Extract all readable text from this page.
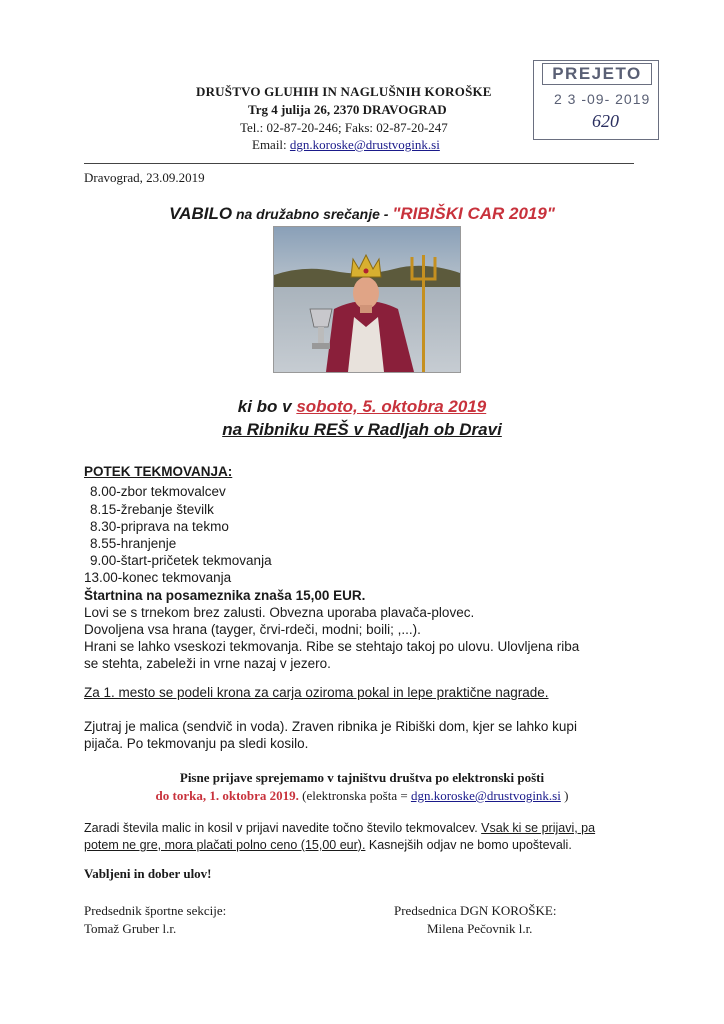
DRUŠTVO GLUHIH IN NAGLUŠNIH KOROŠKE
Trg 4 julija 26, 2370 DRAVOGRAD
Tel.: 02-87-20-246; Faks: 02-87-20-247
Email: dgn.koroske@drustvogink.si
PREJETO
2 3 -09- 2019
620
Dravograd, 23.09.2019
VABILO na družabno srečanje - "RIBIŠKI CAR 2019"
ki bo v soboto, 5. oktobra 2019
na Ribniku REŠ v Radljah ob Dravi
POTEK TEKMOVANJA:
8.00-zbor tekmovalcev
8.15-žrebanje številk
8.30-priprava na tekmo
8.55-hranjenje
9.00-štart-pričetek tekmovanja
13.00-konec tekmovanja
Štartnina na posameznika znaša 15,00 EUR.
Lovi se s trnekom brez zalusti. Obvezna uporaba plavača-plovec.
Dovoljena vsa hrana (tayger, črvi-rdeči, modni; boili; ,...).
Hrani se lahko vseskozi tekmovanja. Ribe se stehtajo takoj po ulovu. Ulovljena riba
se stehta, zabeleži in vrne nazaj v jezero.
Za 1. mesto se podeli krona za carja oziroma pokal in lepe praktične nagrade.
Zjutraj je malica (sendvič in voda). Zraven ribnika je Ribiški dom, kjer se lahko kupi
pijača. Po tekmovanju pa sledi kosilo.
Pisne prijave sprejemamo v tajništvu društva po elektronski pošti
do torka, 1. oktobra 2019. (elektronska pošta = dgn.koroske@drustvogink.si )
Zaradi števila malic in kosil v prijavi navedite točno število tekmovalcev. Vsak ki se prijavi, pa
potem ne gre, mora plačati polno ceno (15,00 eur). Kasnejših odjav ne bomo upoštevali.
Vabljeni in dober ulov!
Predsednik športne sekcije:
Tomaž Gruber l.r.
Predsednica DGN KOROŠKE:
Milena Pečovnik l.r.
